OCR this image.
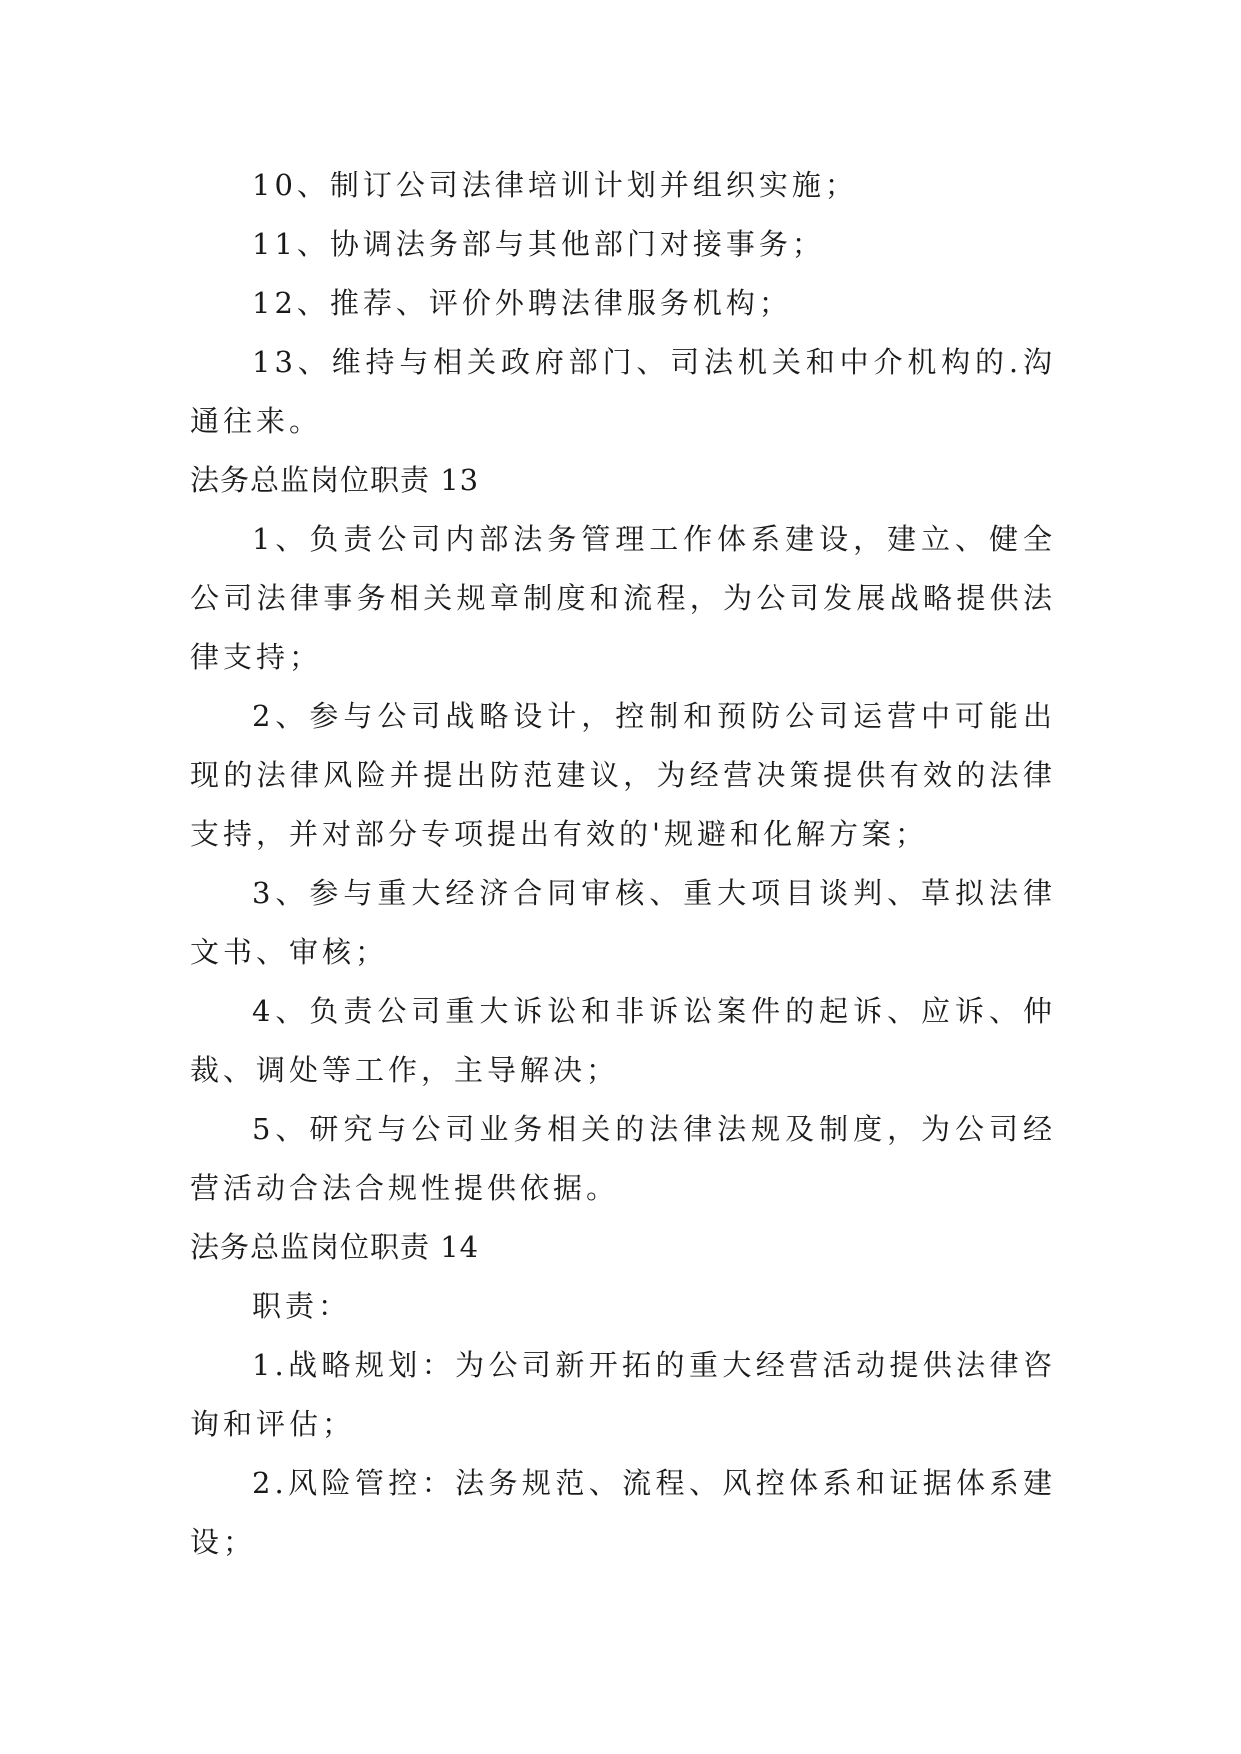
10、制订公司法律培训计划并组织实施；

11、协调法务部与其他部门对接事务；

12、推荐、评价外聘法律服务机构；

13、维持与相关政府部门、司法机关和中介机构的.沟通往来。

法务总监岗位职责 13

1、负责公司内部法务管理工作体系建设，建立、健全公司法律事务相关规章制度和流程，为公司发展战略提供法律支持；

2、参与公司战略设计，控制和预防公司运营中可能出现的法律风险并提出防范建议，为经营决策提供有效的法律支持，并对部分专项提出有效的'规避和化解方案；

3、参与重大经济合同审核、重大项目谈判、草拟法律文书、审核；

4、负责公司重大诉讼和非诉讼案件的起诉、应诉、仲裁、调处等工作，主导解决；

5、研究与公司业务相关的法律法规及制度，为公司经营活动合法合规性提供依据。

法务总监岗位职责 14

职责：

1.战略规划：为公司新开拓的重大经营活动提供法律咨询和评估；

2.风险管控：法务规范、流程、风控体系和证据体系建设；
